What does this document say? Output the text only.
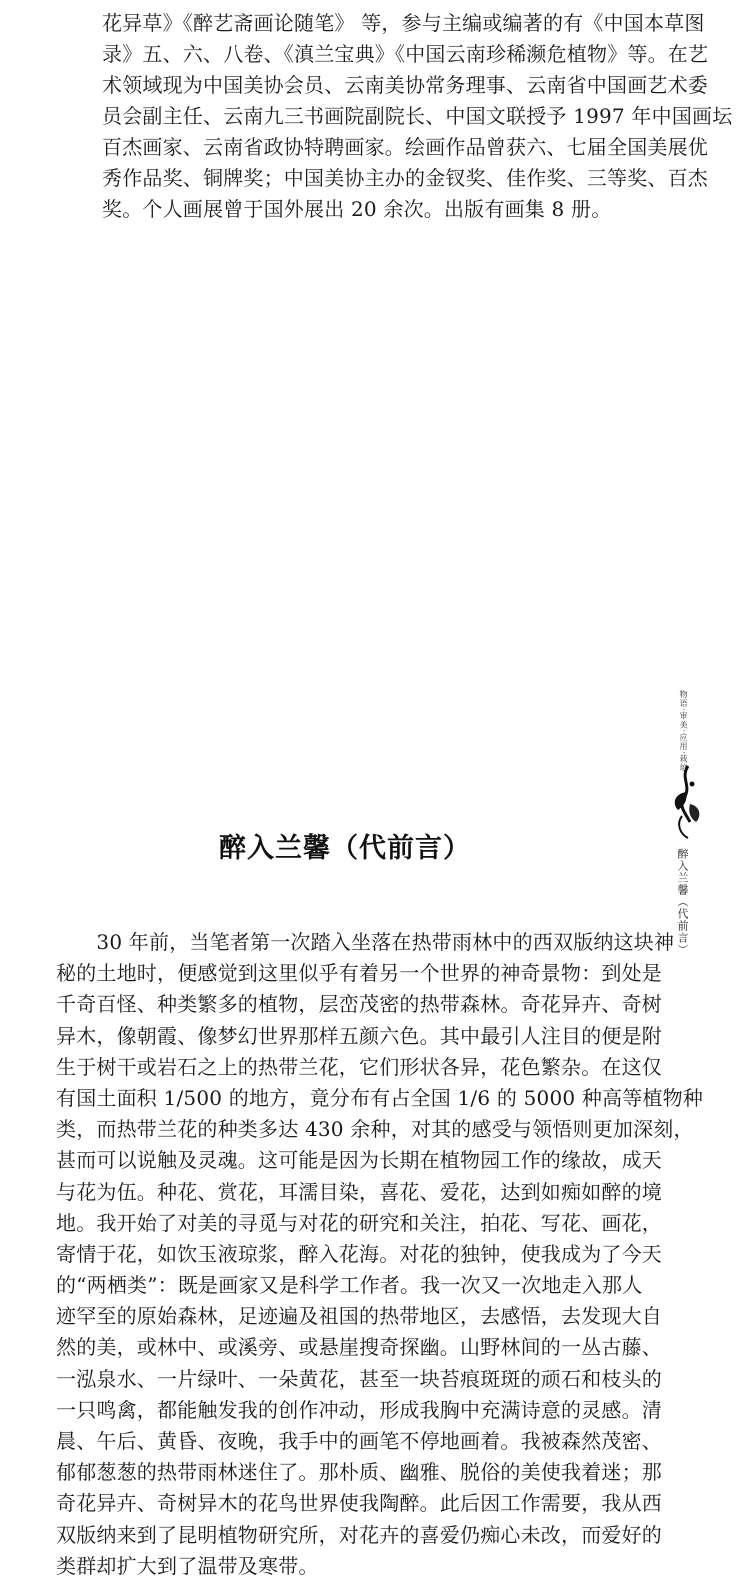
花异草》《醉艺斋画论随笔》 等，参与主编或编著的有《中国本草图
录》五、六、八卷、《滇兰宝典》《中国云南珍稀濒危植物》等。在艺
术领域现为中国美协会员、云南美协常务理事、云南省中国画艺术委
员会副主任、云南九三书画院副院长、中国文联授予 1997 年中国画坛
百杰画家、云南省政协特聘画家。绘画作品曾获六、七届全国美展优
秀作品奖、铜牌奖；中国美协主办的金钗奖、佳作奖、三等奖、百杰
奖。个人画展曾于国外展出 20 余次。出版有画集 8 册。
物语·审美·应用·栽培
醉入兰馨（代前言）
醉入兰馨（代前言）
　　30 年前，当笔者第一次踏入坐落在热带雨林中的西双版纳这块神
秘的土地时，便感觉到这里似乎有着另一个世界的神奇景物：到处是
千奇百怪、种类繁多的植物，层峦茂密的热带森林。奇花异卉、奇树
异木，像朝霞、像梦幻世界那样五颜六色。其中最引人注目的便是附
生于树干或岩石之上的热带兰花，它们形状各异，花色繁杂。在这仅
有国土面积 1/500 的地方，竟分布有占全国 1/6 的 5000 种高等植物种
类，而热带兰花的种类多达 430 余种，对其的感受与领悟则更加深刻，
甚而可以说触及灵魂。这可能是因为长期在植物园工作的缘故，成天
与花为伍。种花、赏花，耳濡目染，喜花、爱花，达到如痴如醉的境
地。我开始了对美的寻觅与对花的研究和关注，拍花、写花、画花，
寄情于花，如饮玉液琼浆，醉入花海。对花的独钟，使我成为了今天
的“两栖类”：既是画家又是科学工作者。我一次又一次地走入那人
迹罕至的原始森林，足迹遍及祖国的热带地区，去感悟，去发现大自
然的美，或林中、或溪旁、或悬崖搜奇探幽。山野林间的一丛古藤、
一泓泉水、一片绿叶、一朵黄花，甚至一块苔痕斑斑的顽石和枝头的
一只鸣禽，都能触发我的创作冲动，形成我胸中充满诗意的灵感。清
晨、午后、黄昏、夜晚，我手中的画笔不停地画着。我被森然茂密、
郁郁葱葱的热带雨林迷住了。那朴质、幽雅、脱俗的美使我着迷；那
奇花异卉、奇树异木的花鸟世界使我陶醉。此后因工作需要，我从西
双版纳来到了昆明植物研究所，对花卉的喜爱仍痴心未改，而爱好的
类群却扩大到了温带及寒带。
